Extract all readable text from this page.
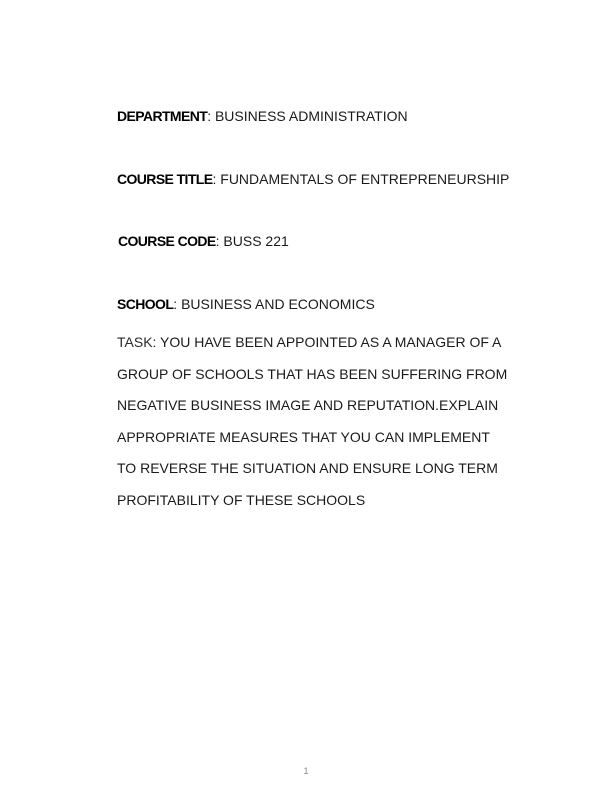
DEPARTMENT: BUSINESS ADMINISTRATION
COURSE TITLE: FUNDAMENTALS OF ENTREPRENEURSHIP
COURSE CODE: BUSS 221
SCHOOL: BUSINESS AND ECONOMICS
TASK: YOU HAVE BEEN APPOINTED AS A MANAGER OF A
GROUP OF SCHOOLS THAT HAS BEEN SUFFERING FROM
NEGATIVE BUSINESS IMAGE AND REPUTATION.EXPLAIN
APPROPRIATE MEASURES THAT YOU CAN IMPLEMENT
TO REVERSE THE SITUATION AND ENSURE LONG TERM
PROFITABILITY OF THESE SCHOOLS
1
